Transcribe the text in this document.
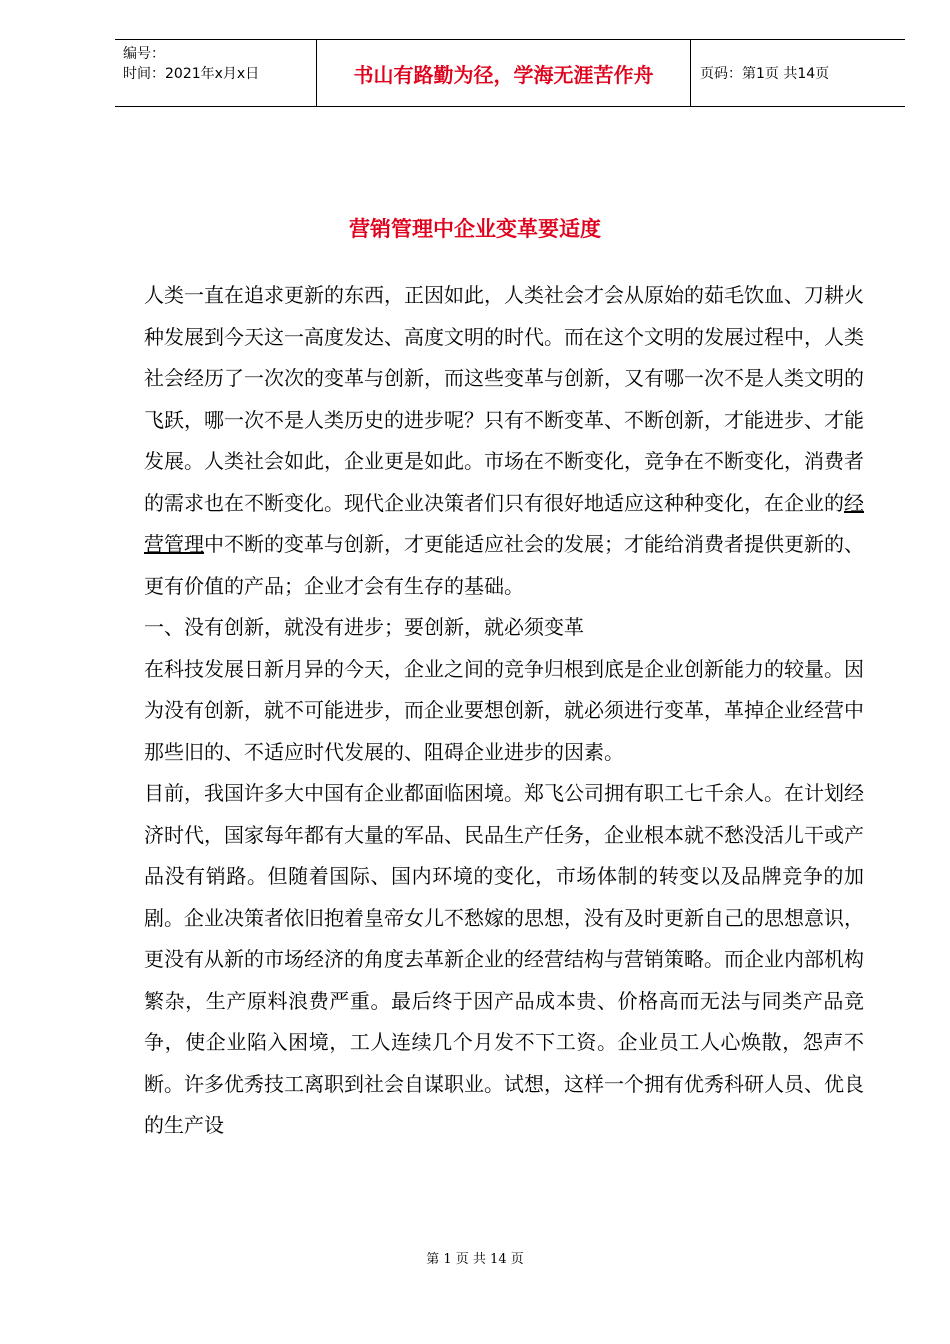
编号：
时间：2021年x月x日	书山有路勤为径，学海无涯苦作舟	页码：第1页 共14页
营销管理中企业变革要适度

人类一直在追求更新的东西，正因如此，人类社会才会从原始的茹毛饮血、刀耕火种发展到今天这一高度发达、高度文明的时代。而在这个文明的发展过程中，人类社会经历了一次次的变革与创新，而这些变革与创新，又有哪一次不是人类文明的飞跃，哪一次不是人类历史的进步呢？只有不断变革、不断创新，才能进步、才能发展。人类社会如此，企业更是如此。市场在不断变化，竞争在不断变化，消费者的需求也在不断变化。现代企业决策者们只有很好地适应这种种变化，在企业的经营管理中不断的变革与创新，才更能适应社会的发展；才能给消费者提供更新的、更有价值的产品；企业才会有生存的基础。

一、没有创新，就没有进步；要创新，就必须变革

在科技发展日新月异的今天，企业之间的竞争归根到底是企业创新能力的较量。因为没有创新，就不可能进步，而企业要想创新，就必须进行变革，革掉企业经营中那些旧的、不适应时代发展的、阻碍企业进步的因素。

目前，我国许多大中国有企业都面临困境。郑飞公司拥有职工七千余人。在计划经济时代，国家每年都有大量的军品、民品生产任务，企业根本就不愁没活儿干或产品没有销路。但随着国际、国内环境的变化，市场体制的转变以及品牌竞争的加剧。企业决策者依旧抱着皇帝女儿不愁嫁的思想，没有及时更新自己的思想意识，更没有从新的市场经济的角度去革新企业的经营结构与营销策略。而企业内部机构繁杂，生产原料浪费严重。最后终于因产品成本贵、价格高而无法与同类产品竞争，使企业陷入困境，工人连续几个月发不下工资。企业员工人心焕散，怨声不断。许多优秀技工离职到社会自谋职业。试想，这样一个拥有优秀科研人员、优良的生产设

第 1 页 共 14 页
